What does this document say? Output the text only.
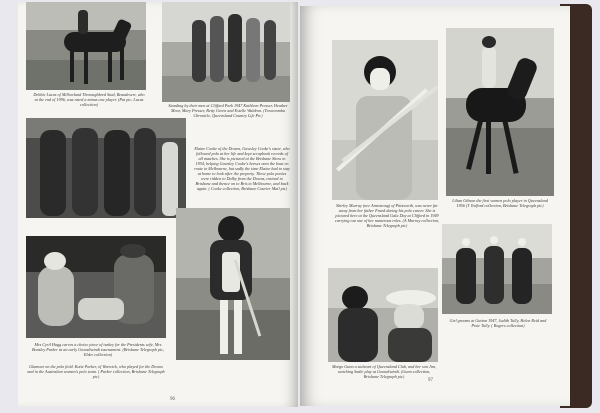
Debbie Lucas of Millowland Thoroughbred Stud, Beaudesert, who at the end of 1996, was rated a minus one player. (Pat pic, Lucas collection)	Standing by their men at Clifford Park 1947 Kathleen Presser, Heather Moor, Mary Presser, Betty Green and Estelle Waldron. (Toowoomba Chronicle, Queensland Country Life Pic)

Elaine Cooke of the Downs, Gawsley Cooke's sister, who followed polo at her life and kept scrapbook records of all matches. She is pictured at the Brisbane Show in 1954, helping Gawsley Cooke's horses onto the boat en route to Melbourne, but sadly the time Elaine had to stay at home to look after the property. These polo ponies were ridden to Dalby from the Downs, trained to Brisbane and thence on to Bris to Melbourne, and back again. ( Cooke collection, Brisbane Courier Mail pic)

Mrs Cyril Hagg carves a choice piece of turkey for the Presidents wife, Mrs Bonsley Parker at an early Goondiwindi tournament. (Brisbane Telegraph pic, Elder collection)

Glamour on the polo field. Katie Parker, of Warwick, who played for the Downs and in the Australian women's polo team. ( Parker collection, Brisbane Telegraph pic)

96

Shirley Murray (nee Armstrong) of Pittsworth, was never far away from her father Frank during his polo career. She is pictured here at the Queensland Gala Day at Clifford in 1949 carrying out one of her numerous roles. (A Murray collection, Brisbane Telegraph pic)

Lilian Gibson the first women polo player in Queensland 1956 (T Tedford collection, Brisbane Telegraph pic)

Margo Gunn a stalwart of Queensland Club, and her son Jim, watching Sadie play at Goondiwindi. (Gunn collection, Brisbane Telegraph pic)

Girl grooms at Gatton 1947, Judith Tully, Helen Reid and Pixie Tully. ( Rogers collection)

97
